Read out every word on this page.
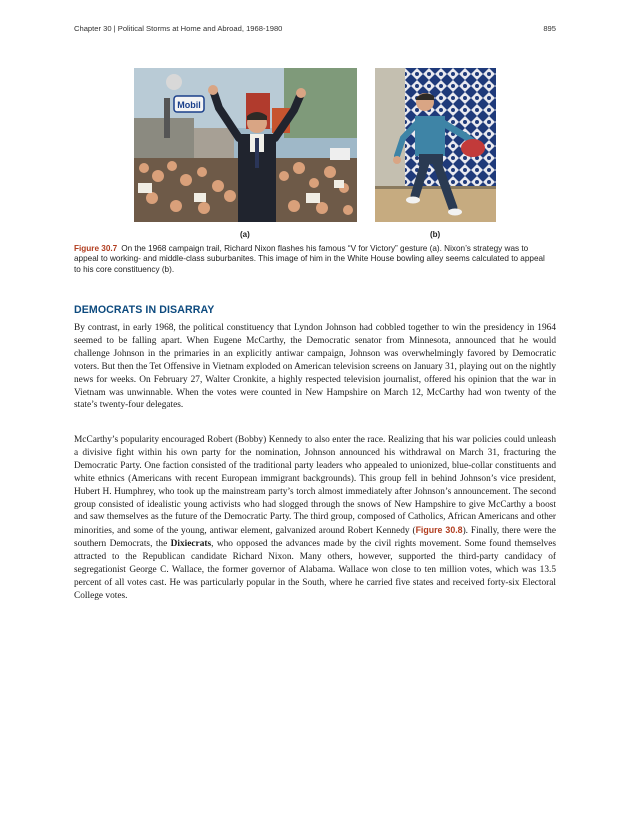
Chapter 30 | Political Storms at Home and Abroad, 1968-1980	895
Mobil
(a)	(b)
Figure 30.7 On the 1968 campaign trail, Richard Nixon flashes his famous “V for Victory” gesture (a). Nixon’s strategy was to appeal to working- and middle-class suburbanites. This image of him in the White House bowling alley seems calculated to appeal to his core constituency (b).
DEMOCRATS IN DISARRAY

By contrast, in early 1968, the political constituency that Lyndon Johnson had cobbled together to win the presidency in 1964 seemed to be falling apart. When Eugene McCarthy, the Democratic senator from Minnesota, announced that he would challenge Johnson in the primaries in an explicitly antiwar campaign, Johnson was overwhelmingly favored by Democratic voters. But then the Tet Offensive in Vietnam exploded on American television screens on January 31, playing out on the nightly news for weeks. On February 27, Walter Cronkite, a highly respected television journalist, offered his opinion that the war in Vietnam was unwinnable. When the votes were counted in New Hampshire on March 12, McCarthy had won twenty of the state’s twenty-four delegates.

McCarthy’s popularity encouraged Robert (Bobby) Kennedy to also enter the race. Realizing that his war policies could unleash a divisive fight within his own party for the nomination, Johnson announced his withdrawal on March 31, fracturing the Democratic Party. One faction consisted of the traditional party leaders who appealed to unionized, blue-collar constituents and white ethnics (Americans with recent European immigrant backgrounds). This group fell in behind Johnson’s vice president, Hubert H. Humphrey, who took up the mainstream party’s torch almost immediately after Johnson’s announcement. The second group consisted of idealistic young activists who had slogged through the snows of New Hampshire to give McCarthy a boost and saw themselves as the future of the Democratic Party. The third group, composed of Catholics, African Americans and other minorities, and some of the young, antiwar element, galvanized around Robert Kennedy (Figure 30.8). Finally, there were the southern Democrats, the Dixiecrats, who opposed the advances made by the civil rights movement. Some found themselves attracted to the Republican candidate Richard Nixon. Many others, however, supported the third-party candidacy of segregationist George C. Wallace, the former governor of Alabama. Wallace won close to ten million votes, which was 13.5 percent of all votes cast. He was particularly popular in the South, where he carried five states and received forty-six Electoral College votes.
